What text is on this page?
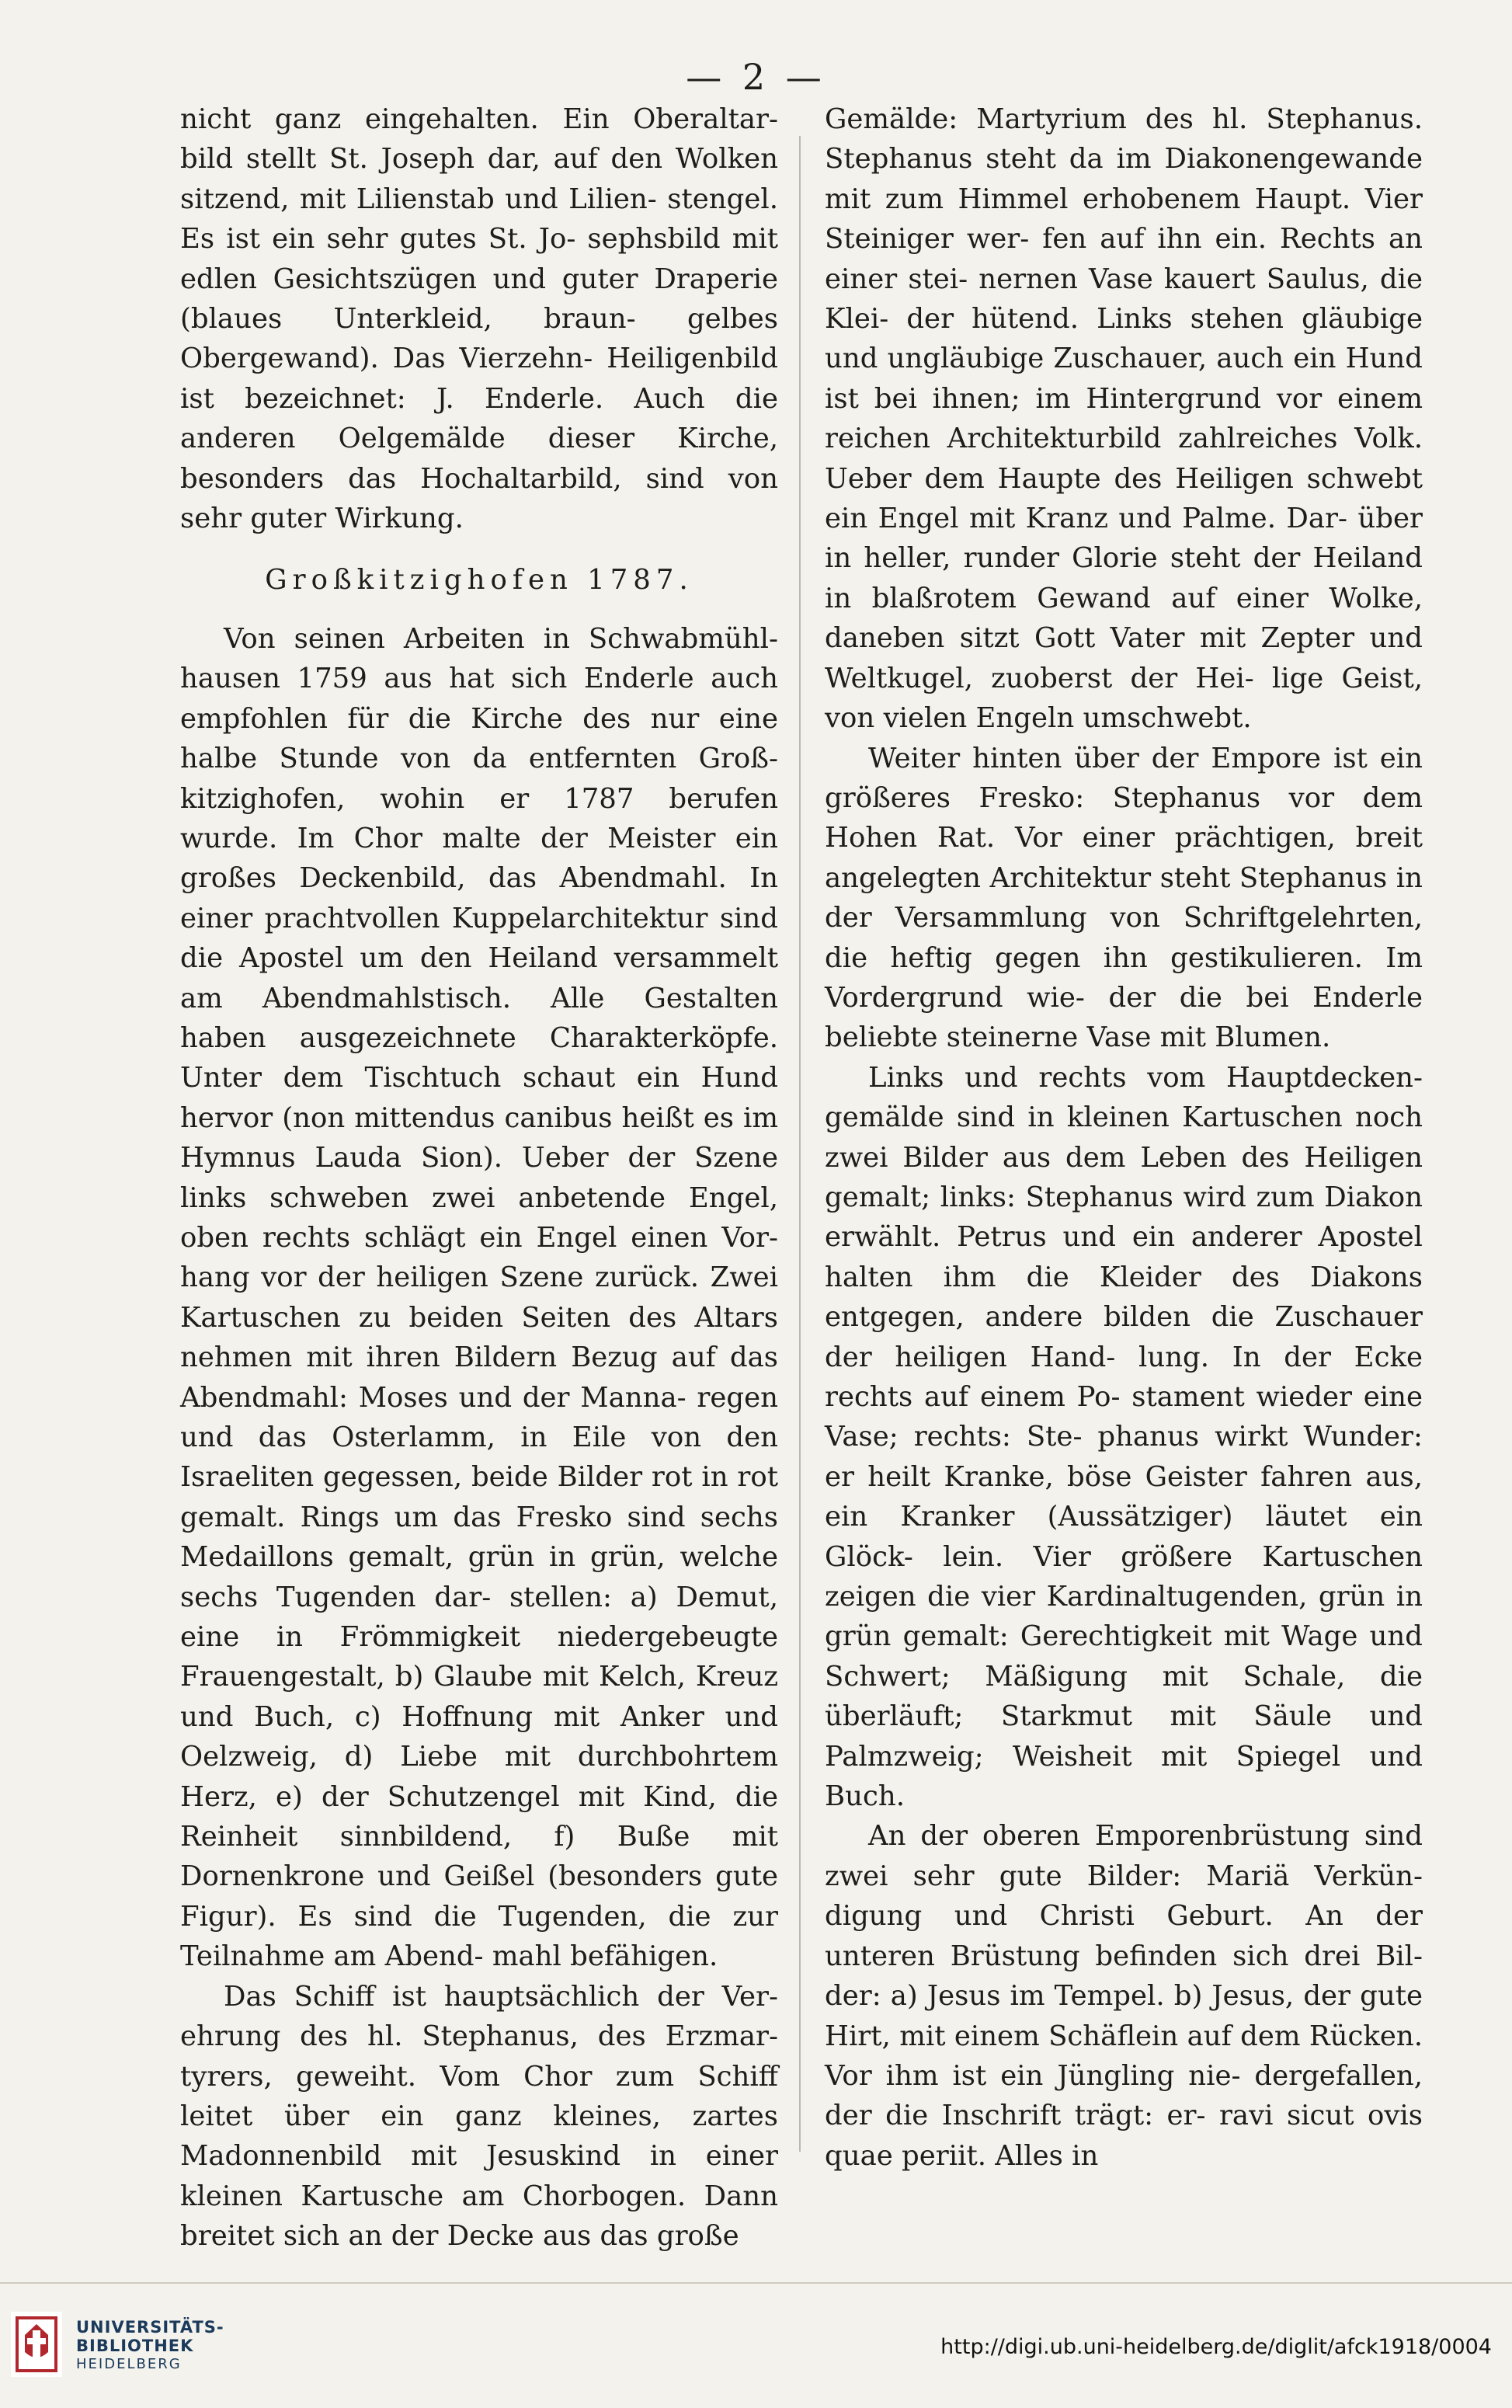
— 2 —

nicht ganz eingehalten. Ein Oberaltar- bild stellt St. Joseph dar, auf den Wolken sitzend, mit Lilienstab und Lilien- stengel. Es ist ein sehr gutes St. Jo- sephsbild mit edlen Gesichtszügen und guter Draperie (blaues Unterkleid, braun- gelbes Obergewand). Das Vierzehn- Heiligenbild ist bezeichnet: J. Enderle. Auch die anderen Oelgemälde dieser Kirche, besonders das Hochaltarbild, sind von sehr guter Wirkung.

Großkitzighofen 1787.

Von seinen Arbeiten in Schwabmühl- hausen 1759 aus hat sich Enderle auch empfohlen für die Kirche des nur eine halbe Stunde von da entfernten Groß- kitzighofen, wohin er 1787 berufen wurde. Im Chor malte der Meister ein großes Deckenbild, das Abendmahl. In einer prachtvollen Kuppelarchitektur sind die Apostel um den Heiland versammelt am Abendmahlstisch. Alle Gestalten haben ausgezeichnete Charakterköpfe. Unter dem Tischtuch schaut ein Hund hervor (non mittendus canibus heißt es im Hymnus Lauda Sion). Ueber der Szene links schweben zwei anbetende Engel, oben rechts schlägt ein Engel einen Vor- hang vor der heiligen Szene zurück. Zwei Kartuschen zu beiden Seiten des Altars nehmen mit ihren Bildern Bezug auf das Abendmahl: Moses und der Manna- regen und das Osterlamm, in Eile von den Israeliten gegessen, beide Bilder rot in rot gemalt. Rings um das Fresko sind sechs Medaillons gemalt, grün in grün, welche sechs Tugenden dar- stellen: a) Demut, eine in Frömmigkeit niedergebeugte Frauengestalt, b) Glaube mit Kelch, Kreuz und Buch, c) Hoffnung mit Anker und Oelzweig, d) Liebe mit durchbohrtem Herz, e) der Schutzengel mit Kind, die Reinheit sinnbildend, f) Buße mit Dornenkrone und Geißel (besonders gute Figur). Es sind die Tugenden, die zur Teilnahme am Abend- mahl befähigen.

Das Schiff ist hauptsächlich der Ver- ehrung des hl. Stephanus, des Erzmar- tyrers, geweiht. Vom Chor zum Schiff leitet über ein ganz kleines, zartes Madonnenbild mit Jesuskind in einer kleinen Kartusche am Chorbogen. Dann breitet sich an der Decke aus das große

Gemälde: Martyrium des hl. Stephanus. Stephanus steht da im Diakonengewande mit zum Himmel erhobenem Haupt. Vier Steiniger wer- fen auf ihn ein. Rechts an einer stei- nernen Vase kauert Saulus, die Klei- der hütend. Links stehen gläubige und ungläubige Zuschauer, auch ein Hund ist bei ihnen; im Hintergrund vor einem reichen Architekturbild zahlreiches Volk. Ueber dem Haupte des Heiligen schwebt ein Engel mit Kranz und Palme. Dar- über in heller, runder Glorie steht der Heiland in blaßrotem Gewand auf einer Wolke, daneben sitzt Gott Vater mit Zepter und Weltkugel, zuoberst der Hei- lige Geist, von vielen Engeln umschwebt.

Weiter hinten über der Empore ist ein größeres Fresko: Stephanus vor dem Hohen Rat. Vor einer prächtigen, breit angelegten Architektur steht Stephanus in der Versammlung von Schriftgelehrten, die heftig gegen ihn gestikulieren. Im Vordergrund wie- der die bei Enderle beliebte steinerne Vase mit Blumen.

Links und rechts vom Hauptdecken- gemälde sind in kleinen Kartuschen noch zwei Bilder aus dem Leben des Heiligen gemalt; links: Stephanus wird zum Diakon erwählt. Petrus und ein anderer Apostel halten ihm die Kleider des Diakons entgegen, andere bilden die Zuschauer der heiligen Hand- lung. In der Ecke rechts auf einem Po- stament wieder eine Vase; rechts: Ste- phanus wirkt Wunder: er heilt Kranke, böse Geister fahren aus, ein Kranker (Aussätziger) läutet ein Glöck- lein. Vier größere Kartuschen zeigen die vier Kardinaltugenden, grün in grün gemalt: Gerechtigkeit mit Wage und Schwert; Mäßigung mit Schale, die überläuft; Starkmut mit Säule und Palmzweig; Weisheit mit Spiegel und Buch.

An der oberen Emporenbrüstung sind zwei sehr gute Bilder: Mariä Verkün- digung und Christi Geburt. An der unteren Brüstung befinden sich drei Bil- der: a) Jesus im Tempel. b) Jesus, der gute Hirt, mit einem Schäflein auf dem Rücken. Vor ihm ist ein Jüngling nie- dergefallen, der die Inschrift trägt: er- ravi sicut ovis quae periit. Alles in

UNIVERSITÄTS-
BIBLIOTHEK
HEIDELBERG
http://digi.ub.uni-heidelberg.de/diglit/afck1918/0004
